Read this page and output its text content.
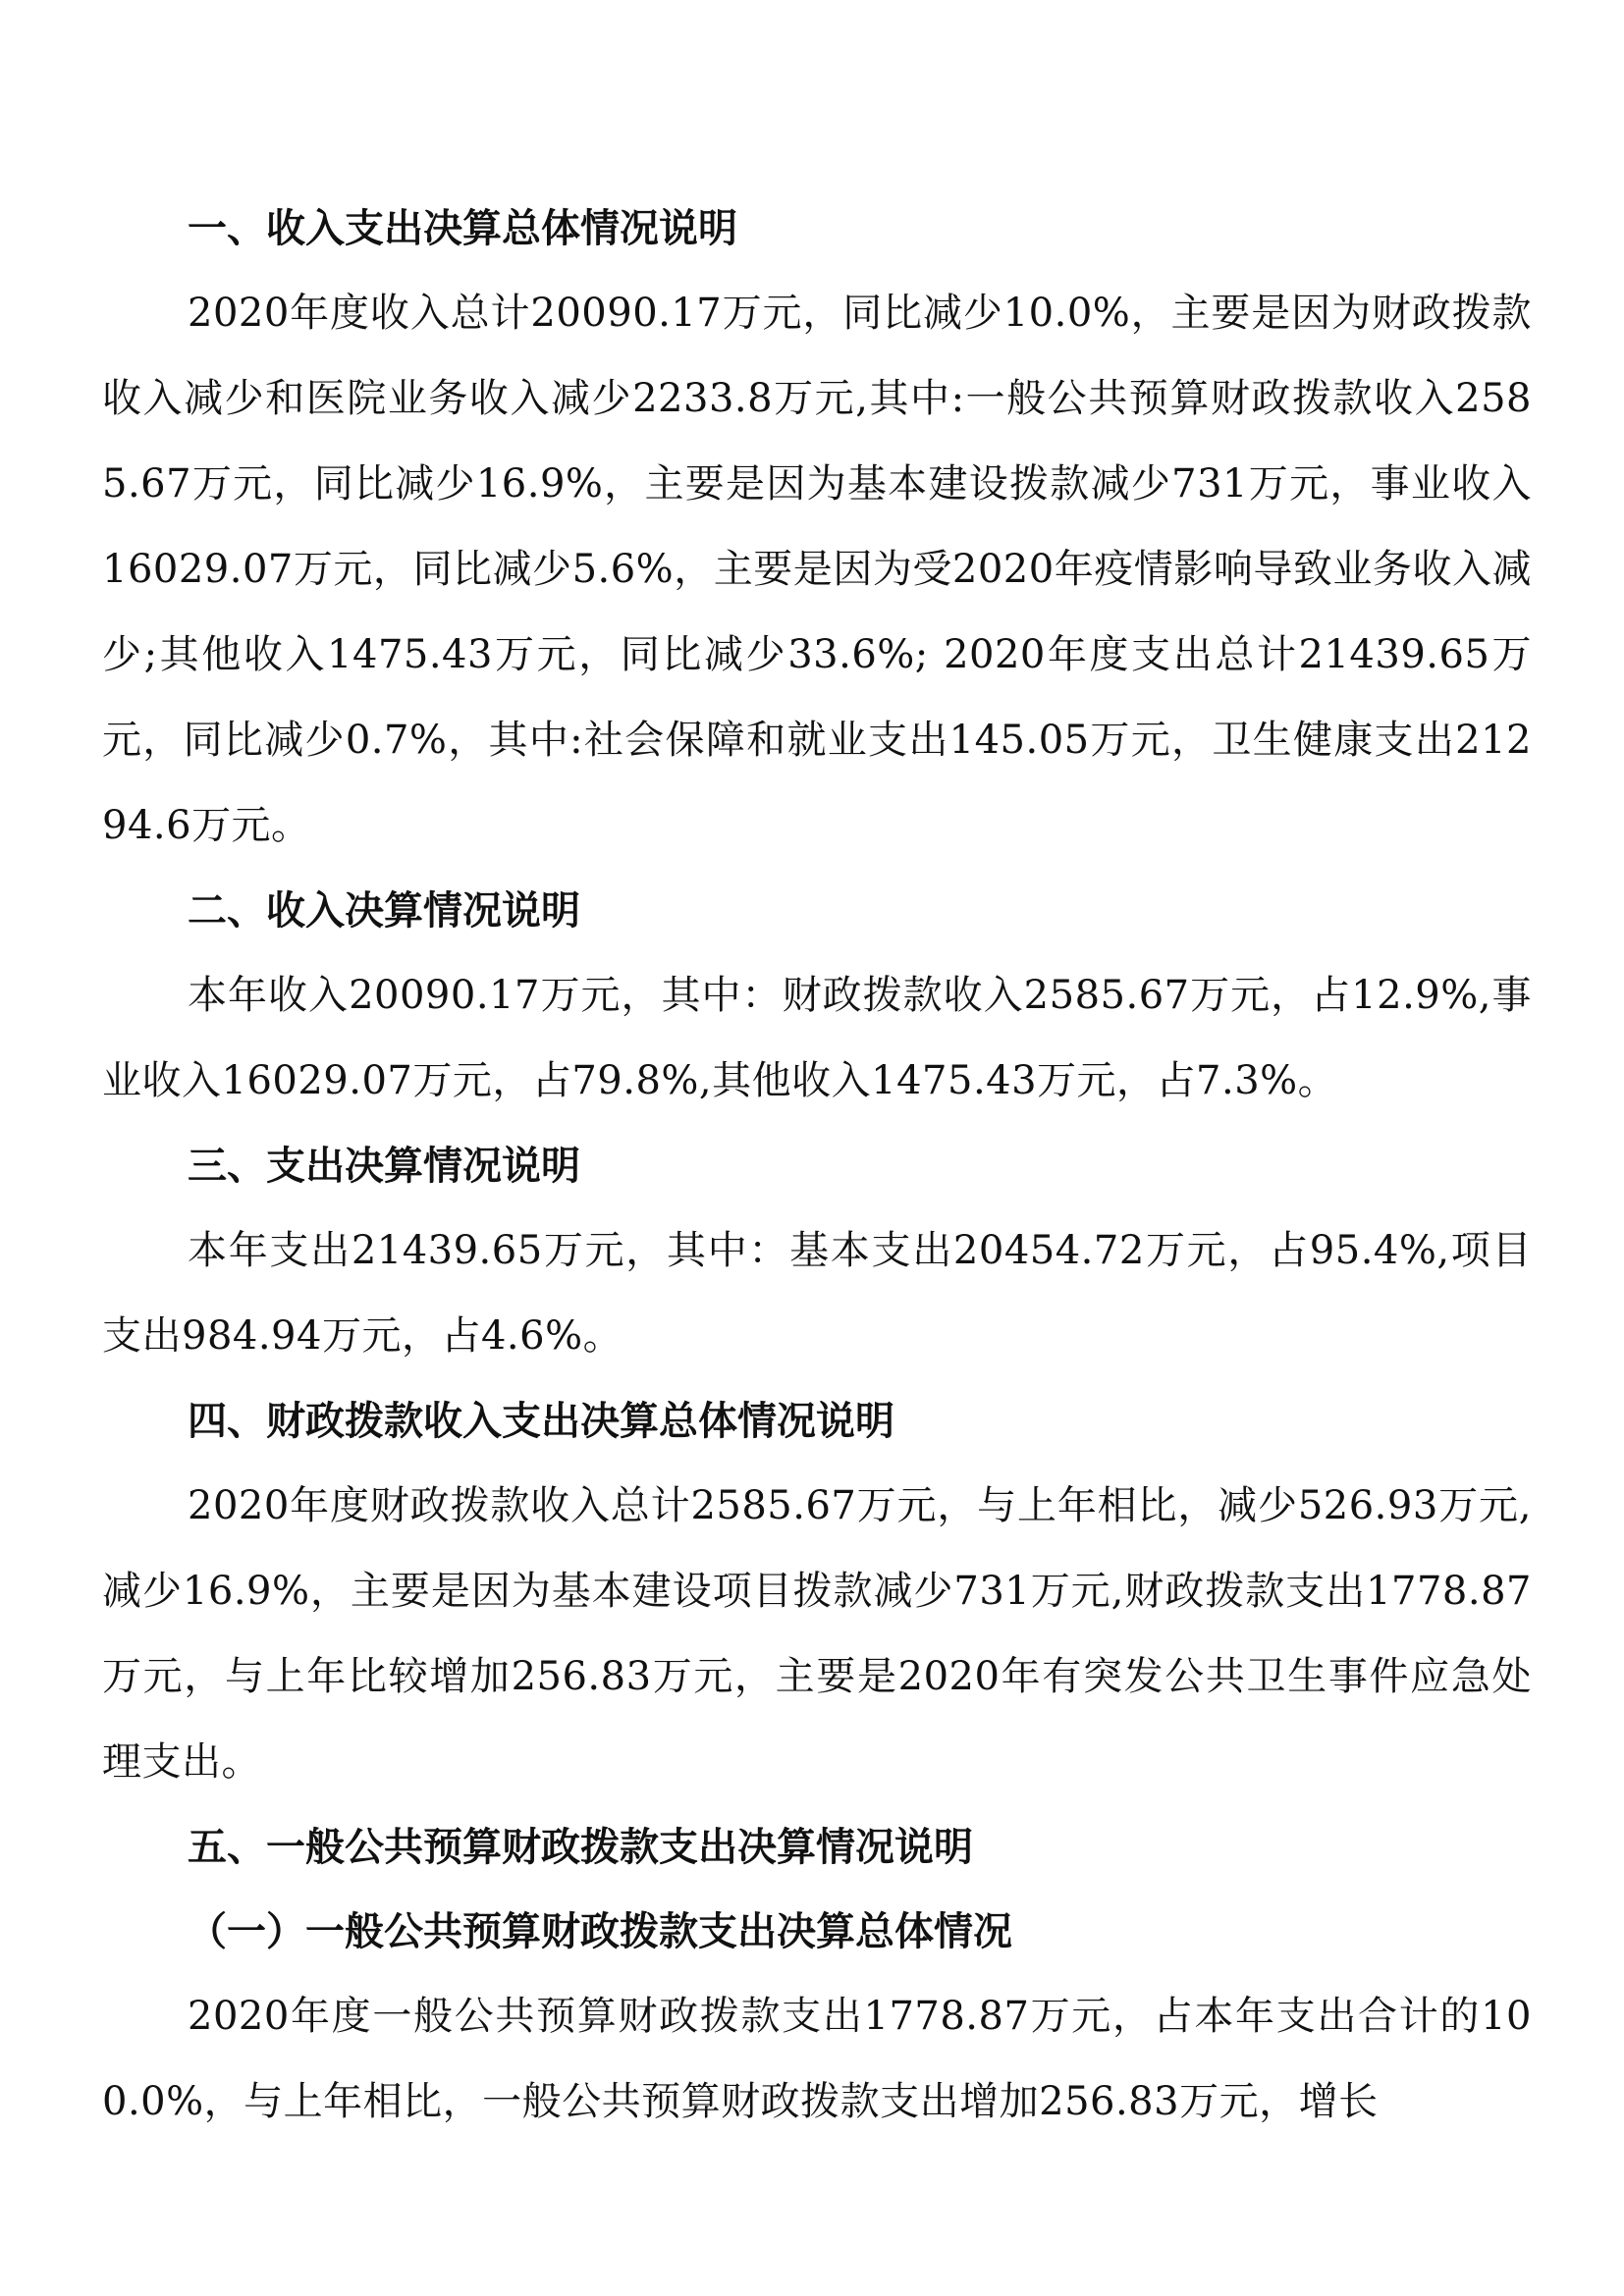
一、收入支出决算总体情况说明

2020年度收入总计20090.17万元，同比减少10.0%，主要是因为财政拨款收入减少和医院业务收入减少2233.8万元,其中:一般公共预算财政拨款收入2585.67万元，同比减少16.9%，主要是因为基本建设拨款减少731万元，事业收入16029.07万元，同比减少5.6%，主要是因为受2020年疫情影响导致业务收入减少;其他收入1475.43万元，同比减少33.6%; 2020年度支出总计21439.65万元，同比减少0.7%，其中:社会保障和就业支出145.05万元，卫生健康支出21294.6万元。

二、收入决算情况说明

本年收入20090.17万元，其中：财政拨款收入2585.67万元，占12.9%,事业收入16029.07万元，占79.8%,其他收入1475.43万元，占7.3%。

三、支出决算情况说明

本年支出21439.65万元，其中：基本支出20454.72万元，占95.4%,项目支出984.94万元，占4.6%。

四、财政拨款收入支出决算总体情况说明

2020年度财政拨款收入总计2585.67万元，与上年相比，减少526.93万元,减少16.9%，主要是因为基本建设项目拨款减少731万元,财政拨款支出1778.87万元，与上年比较增加256.83万元，主要是2020年有突发公共卫生事件应急处理支出。

五、一般公共预算财政拨款支出决算情况说明
（一）一般公共预算财政拨款支出决算总体情况

2020年度一般公共预算财政拨款支出1778.87万元，占本年支出合计的100.0%，与上年相比，一般公共预算财政拨款支出增加256.83万元，增长
